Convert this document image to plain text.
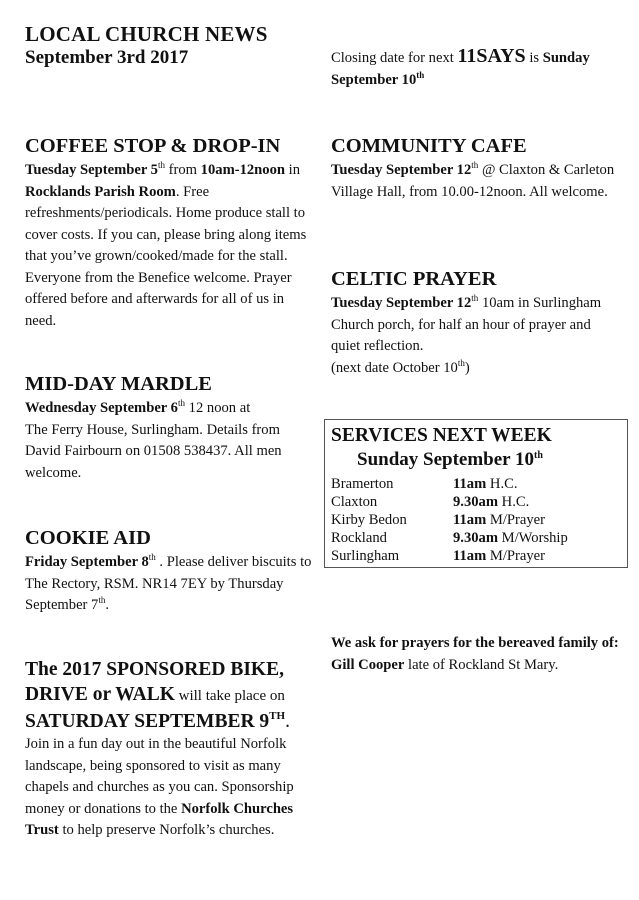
LOCAL CHURCH NEWS
September 3rd 2017
COFFEE STOP & DROP-IN

Tuesday September 5th from 10am-12noon in Rocklands Parish Room. Free refreshments/periodicals. Home produce stall to cover costs. If you can, please bring along items that you’ve grown/cooked/made for the stall. Everyone from the Benefice welcome. Prayer offered before and afterwards for all of us in need.

MID-DAY MARDLE

Wednesday September 6th 12 noon at
The Ferry House, Surlingham. Details from David Fairbourn on 01508 538437. All men welcome.

COOKIE AID

Friday September 8th . Please deliver biscuits to The Rectory, RSM. NR14 7EY by Thursday September 7th.

The 2017 SPONSORED BIKE,
DRIVE or WALK will take place on
SATURDAY SEPTEMBER 9TH.

Join in a fun day out in the beautiful Norfolk landscape, being sponsored to visit as many chapels and churches as you can. Sponsorship money or donations to the Norfolk Churches Trust to help preserve Norfolk’s churches.

Closing date for next 11SAYS is Sunday
September 10th

COMMUNITY CAFE

Tuesday September 12th @ Claxton & Carleton Village Hall, from 10.00-12noon. All welcome.

CELTIC PRAYER

Tuesday September 12th 10am in Surlingham Church porch, for half an hour of prayer and quiet reflection.
(next date October 10th)

SERVICES NEXT WEEK

Sunday September 10th

Bramerton	11am H.C.
Claxton	9.30am H.C.
Kirby Bedon	11am M/Prayer
Rockland	9.30am M/Worship
Surlingham	11am M/Prayer

We ask for prayers for the bereaved family of:
Gill Cooper late of Rockland St Mary.
